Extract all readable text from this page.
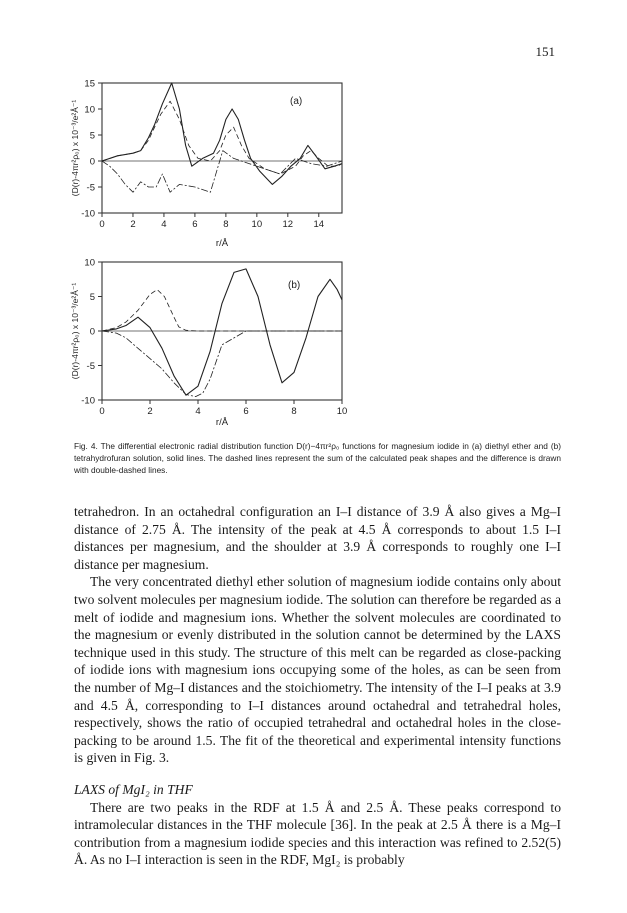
151
0	2	4	6	8 10 12 14
15
10
5
0
-5
-10
r/Å
(D(r)-4πr²ρ₀) x 10⁻³/e²Å⁻¹	(a)
0	2	4	6	8	10
10
5
0
-5
-10
r/Å
(D(r)-4πr²ρ₀) x 10⁻³/e²Å⁻¹	(b)
Fig. 4. The differential electronic radial distribution function D(r)−4πr²ρ₀ functions for magnesium iodide in (a) diethyl ether and (b) tetrahydrofuran solution, solid lines. The dashed lines represent the sum of the calculated peak shapes and the difference is drawn with double-dashed lines.

tetrahedron. In an octahedral configuration an I–I distance of 3.9 Å also gives a Mg–I distance of 2.75 Å. The intensity of the peak at 4.5 Å corresponds to about 1.5 I–I distances per magnesium, and the shoulder at 3.9 Å corresponds to roughly one I–I distance per magnesium.

The very concentrated diethyl ether solution of magnesium iodide contains only about two solvent molecules per magnesium iodide. The solution can therefore be regarded as a melt of iodide and magnesium ions. Whether the solvent molecules are coordinated to the magnesium or evenly distributed in the solution cannot be determined by the LAXS technique used in this study. The structure of this melt can be regarded as close-packing of iodide ions with magnesium ions occupying some of the holes, as can be seen from the number of Mg–I distances and the stoichiometry. The intensity of the I–I peaks at 3.9 and 4.5 Å, corresponding to I–I distances around octahedral and tetrahedral holes, respectively, shows the ratio of occupied tetrahedral and octahedral holes in the close-packing to be around 1.5. The fit of the theoretical and experimental intensity functions is given in Fig. 3.

LAXS of MgI₂ in THF

There are two peaks in the RDF at 1.5 Å and 2.5 Å. These peaks correspond to intramolecular distances in the THF molecule [36]. In the peak at 2.5 Å there is a Mg–I contribution from a magnesium iodide species and this interaction was refined to 2.52(5) Å. As no I–I interaction is seen in the RDF, MgI₂ is probably
